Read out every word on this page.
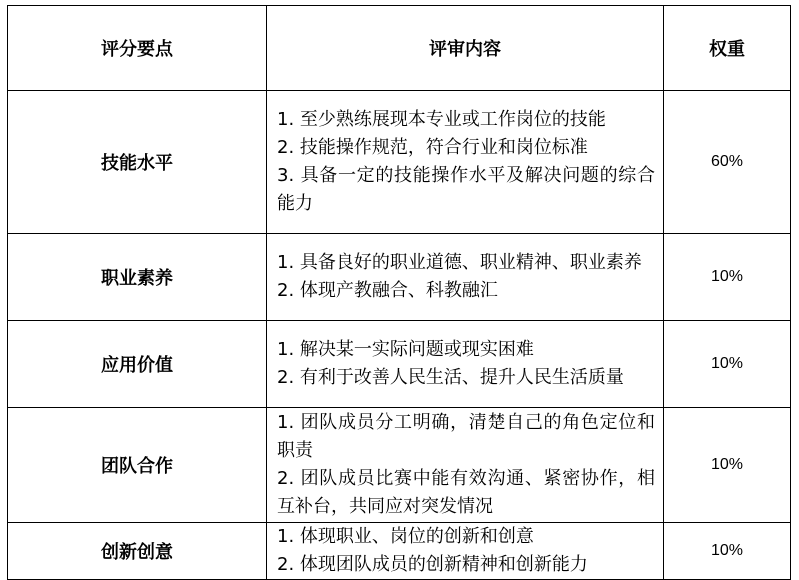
评分要点	评审内容	权重
技能水平	1. 至少熟练展现本专业或工作岗位的技能
2. 技能操作规范，符合行业和岗位标准
3. 具备一定的技能操作水平及解决问题的综合能力	60%
职业素养	1. 具备良好的职业道德、职业精神、职业素养
2. 体现产教融合、科教融汇	10%
应用价值	1. 解决某一实际问题或现实困难
2. 有利于改善人民生活、提升人民生活质量	10%
团队合作	1. 团队成员分工明确，清楚自己的角色定位和职责
2. 团队成员比赛中能有效沟通、紧密协作，相互补台，共同应对突发情况	10%
创新创意	1. 体现职业、岗位的创新和创意
2. 体现团队成员的创新精神和创新能力	10%
